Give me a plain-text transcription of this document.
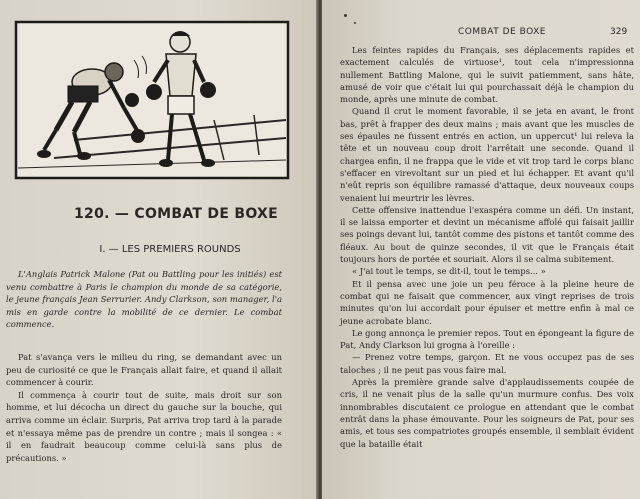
120. — COMBAT DE BOXE
I. — LES PREMIERS ROUNDS

L'Anglais Patrick Malone (Pat ou Battling pour les initiés) est venu combattre à Paris le champion du monde de sa catégorie, le jeune français Jean Serrurier. Andy Clarkson, son manager, l'a mis en garde contre la mobilité de ce dernier. Le combat commence.

Pat s'avança vers le milieu du ring, se demandant avec un peu de curiosité ce que le Français allait faire, et quand il allait commencer à courir.

Il commença à courir tout de suite, mais droit sur son homme, et lui décocha un direct du gauche sur la bouche, qui arriva comme un éclair. Surpris, Pat arriva trop tard à la parade et n'essaya même pas de prendre un contre ; mais il songea : « il en faudrait beaucoup comme celui-là sans plus de précautions. »

COMBAT DE BOXE	329

Les feintes rapides du Français, ses déplacements rapides et exactement calculés de virtuose¹, tout cela n'impressionna nullement Battling Malone, qui le suivit patiemment, sans hâte, amusé de voir que c'était lui qui pourchassait déjà le champion du monde, après une minute de combat.

Quand il crut le moment favorable, il se jeta en avant, le front bas, prêt à frapper des deux mains ; mais avant que les muscles de ses épaules ne fussent entrés en action, un uppercut¹ lui releva la tête et un nouveau coup droit l'arrêtait une seconde. Quand il chargea enfin, il ne frappa que le vide et vit trop tard le corps blanc s'effacer en virevoltant sur un pied et lui échapper. Et avant qu'il n'eût repris son équilibre ramassé d'attaque, deux nouveaux coups venaient lui meurtrir les lèvres.

Cette offensive inattendue l'exaspéra comme un défi. Un instant, il se laissa emporter et devint un mécanisme affolé qui faisait jaillir ses poings devant lui, tantôt comme des pistons et tantôt comme des fléaux. Au bout de quinze secondes, il vit que le Français était toujours hors de portée et souriait. Alors il se calma subitement.

« J'ai tout le temps, se dit-il, tout le temps... »

Et il pensa avec une joie un peu féroce à la pleine heure de combat qui ne faisait que commencer, aux vingt reprises de trois minutes qu'on lui accordait pour épuiser et mettre enfin à mal ce jeune acrobate blanc.

Le gong annonça le premier repos. Tout en épongeant la figure de Pat, Andy Clarkson lui grogna à l'oreille :

— Prenez votre temps, garçon. Et ne vous occupez pas de ses taloches ; il ne peut pas vous faire mal.

Après la première grande salve d'applaudissements coupée de cris, il ne venait plus de la salle qu'un murmure confus. Des voix innombrables discutaient ce prologue en attendant que le combat entrât dans la phase émouvante. Pour les soigneurs de Pat, pour ses amis, et tous ses compatriotes groupés ensemble, il semblait évident que la bataille était
